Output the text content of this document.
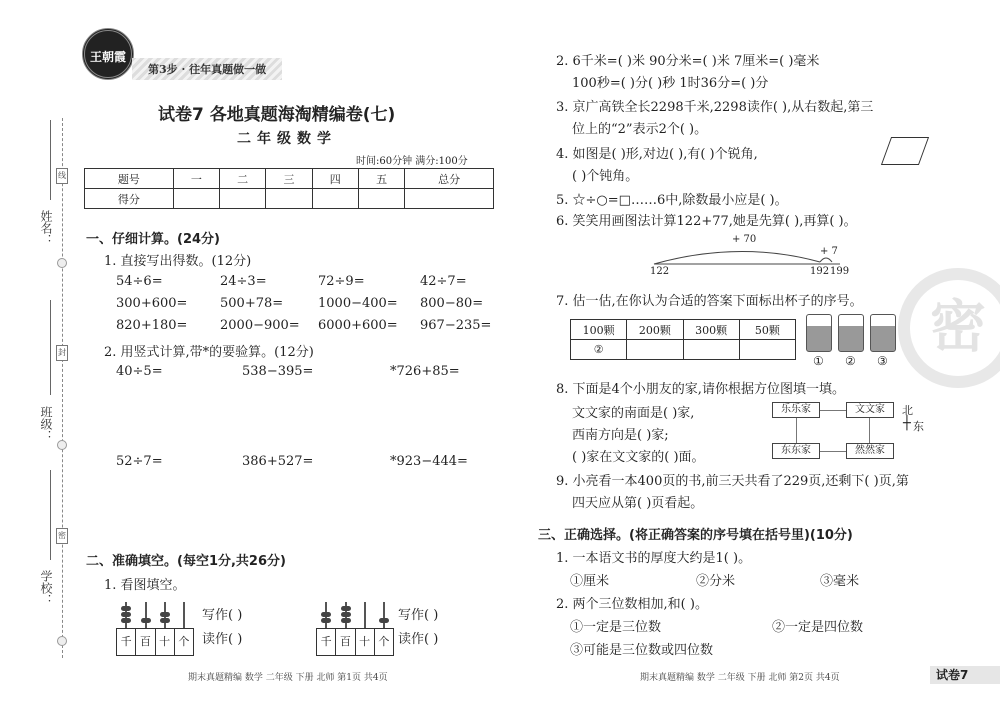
姓名：
班级：
学校：
线
封
密
王朝霞
第3步 · 往年真题做一做
试卷7 各地真题海淘精编卷(七)
二年级数学
时间:60分钟 满分:100分
题号	一	二	三	四	五	总分
得分						
一、仔细计算。(24分)
1. 直接写出得数。(12分)
54÷6=	24÷3=	72÷9=	42÷7=
300+600=	500+78=	1000−400= 800−80=
820+180=	2000−900= 6000+600= 967−235=
2. 用竖式计算,带*的要验算。(12分)
40÷5=	538−395=	*726+85=
52÷7=	386+527=	*923−444=
二、准确填空。(每空1分,共26分)
1. 看图填空。
千 百 十 个
写作( )
读作( )	千 百 十 个
写作( )
读作( )
期末真题精编 数学 二年级 下册 北师 第1页 共4页
密
2. 6千米=( )米 90分米=( )米 7厘米=( )毫米
100秒=( )分( )秒 1时36分=( )分
3. 京广高铁全长2298千米,2298读作( ),从右数起,第三
位上的“2”表示2个( )。
4. 如图是( )形,对边( ),有( )个锐角,
( )个钝角。
5. ☆÷○=□……6中,除数最小应是( )。
6. 笑笑用画图法计算122+77,她是先算( ),再算( )。
+ 70
+ 7
122	192 199
7. 估一估,在你认为合适的答案下面标出杯子的序号。
100颗	200颗	300颗	50颗
②			
① ② ③
8. 下面是4个小朋友的家,请你根据方位图填一填。
文文家的南面是( )家,
西南方向是( )家;
( )家在文文家的( )面。
乐乐家	文文家
东东家	然然家
北
┼ 东
9. 小亮看一本400页的书,前三天共看了229页,还剩下( )页,第
四天应从第( )页看起。
三、正确选择。(将正确答案的序号填在括号里)(10分)
1. 一本语文书的厚度大约是1( )。
①厘米	②分米	③毫米
2. 两个三位数相加,和( )。
①一定是三位数	②一定是四位数
③可能是三位数或四位数
期末真题精编 数学 二年级 下册 北师 第2页 共4页	试卷7
